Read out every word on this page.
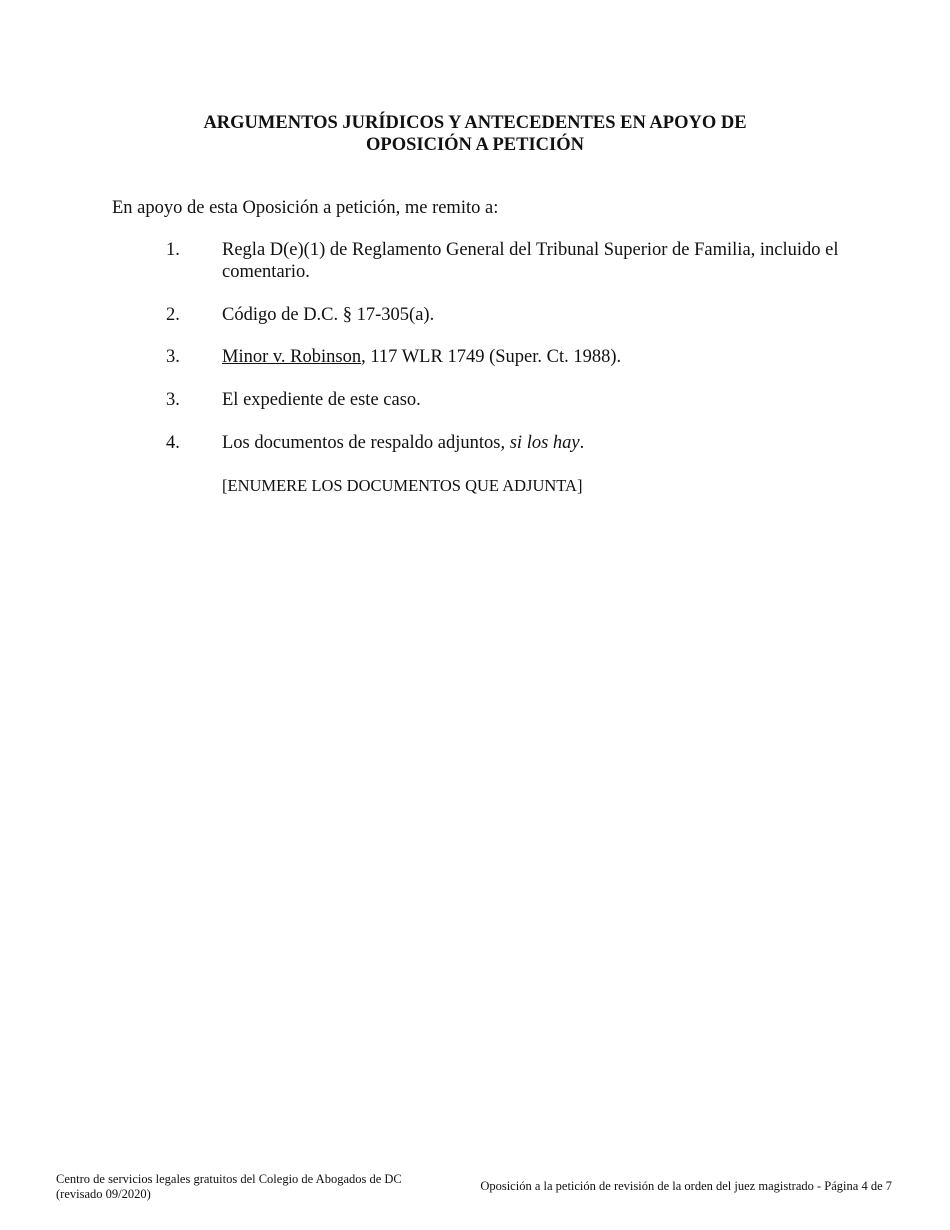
ARGUMENTOS JURÍDICOS Y ANTECEDENTES EN APOYO DE
OPOSICIÓN A PETICIÓN
En apoyo de esta Oposición a petición, me remito a:
1. Regla D(e)(1) de Reglamento General del Tribunal Superior de Familia, incluido el comentario.
2. Código de D.C. § 17-305(a).
3. Minor v. Robinson, 117 WLR 1749 (Super. Ct. 1988).
3. El expediente de este caso.
4. Los documentos de respaldo adjuntos, si los hay.
[ENUMERE LOS DOCUMENTOS QUE ADJUNTA]
Centro de servicios legales gratuitos del Colegio de Abogados de DC
(revisado 09/2020)
Oposición a la petición de revisión de la orden del juez magistrado - Página 4 de 7
